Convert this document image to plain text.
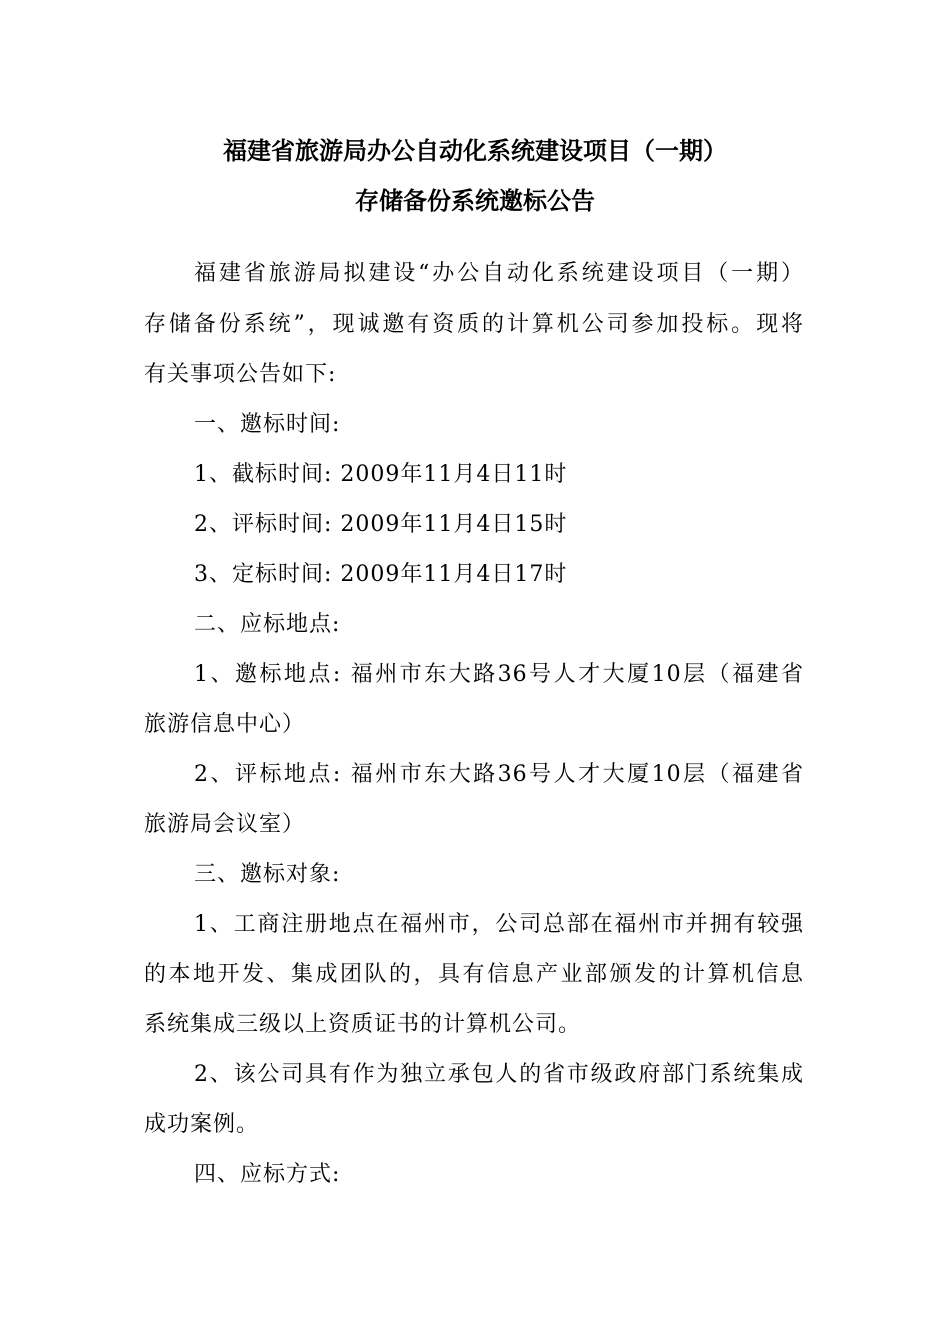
福建省旅游局办公自动化系统建设项目（一期）
存储备份系统邀标公告
福建省旅游局拟建设“办公自动化系统建设项目（一期）
存储备份系统”，现诚邀有资质的计算机公司参加投标。现将
有关事项公告如下:
一、邀标时间:
1、截标时间: 2009年11月4日11时
2、评标时间: 2009年11月4日15时
3、定标时间: 2009年11月4日17时
二、应标地点:
1、邀标地点: 福州市东大路36号人才大厦10层（福建省
旅游信息中心）
2、评标地点: 福州市东大路36号人才大厦10层（福建省
旅游局会议室）
三、邀标对象:
1、工商注册地点在福州市，公司总部在福州市并拥有较强
的本地开发、集成团队的，具有信息产业部颁发的计算机信息
系统集成三级以上资质证书的计算机公司。
2、该公司具有作为独立承包人的省市级政府部门系统集成
成功案例。
四、应标方式:
